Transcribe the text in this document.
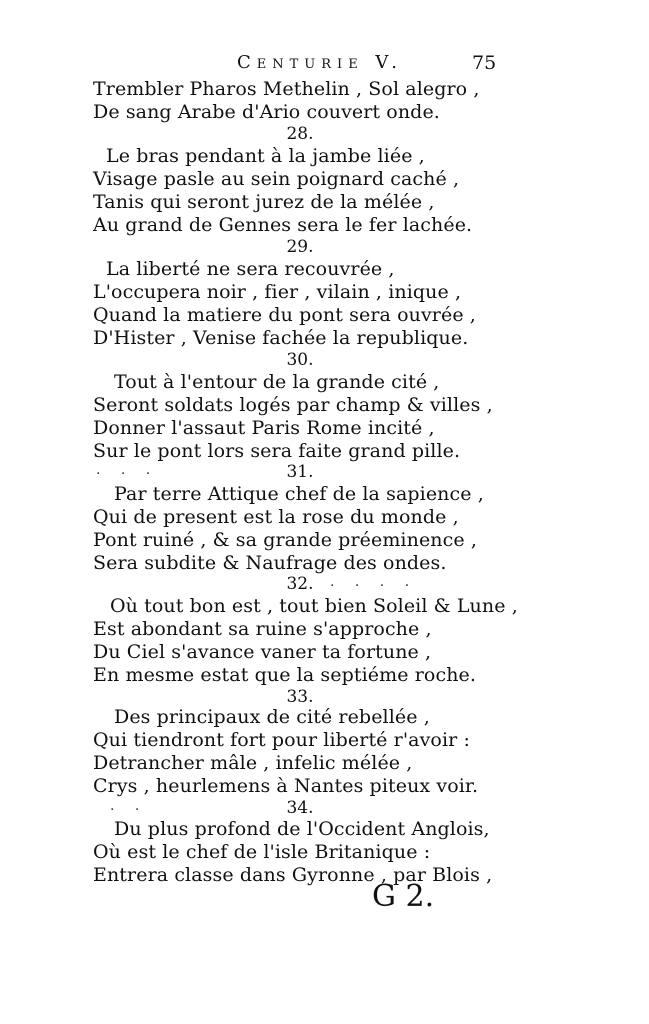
Centurie V.	75
Trembler Pharos Methelin , Sol alegro ,
De sang Arabe d'Ario couvert onde.
28.
Le bras pendant à la jambe liée ,
Visage pasle au sein poignard caché ,
Tanis qui seront jurez de la mélée ,
Au grand de Gennes sera le fer lachée.
29.
La liberté ne sera recouvrée ,
L'occupera noir , fier , vilain , inique ,
Quand la matiere du pont sera ouvrée ,
D'Hister , Venise fachée la republique.
30.
Tout à l'entour de la grande cité ,
Seront soldats logés par champ & villes ,
Donner l'assaut Paris Rome incité ,
Sur le pont lors sera faite grand pille.
. . .	31.
Par terre Attique chef de la sapience ,
Qui de present est la rose du monde ,
Pont ruiné , & sa grande préeminence ,
Sera subdite & Naufrage des ondes.
32.	. . . .
Où tout bon est , tout bien Soleil & Lune ,
Est abondant sa ruine s'approche ,
Du Ciel s'avance vaner ta fortune ,
En mesme estat que la septiéme roche.
33.
Des principaux de cité rebellée ,
Qui tiendront fort pour liberté r'avoir :
Detrancher mâle , infelic mélée ,
Crys , heurlemens à Nantes piteux voir.
. .	34.
Du plus profond de l'Occident Anglois,
Où est le chef de l'isle Britanique :
Entrera classe dans Gyronne , par Blois ,
G 2.
